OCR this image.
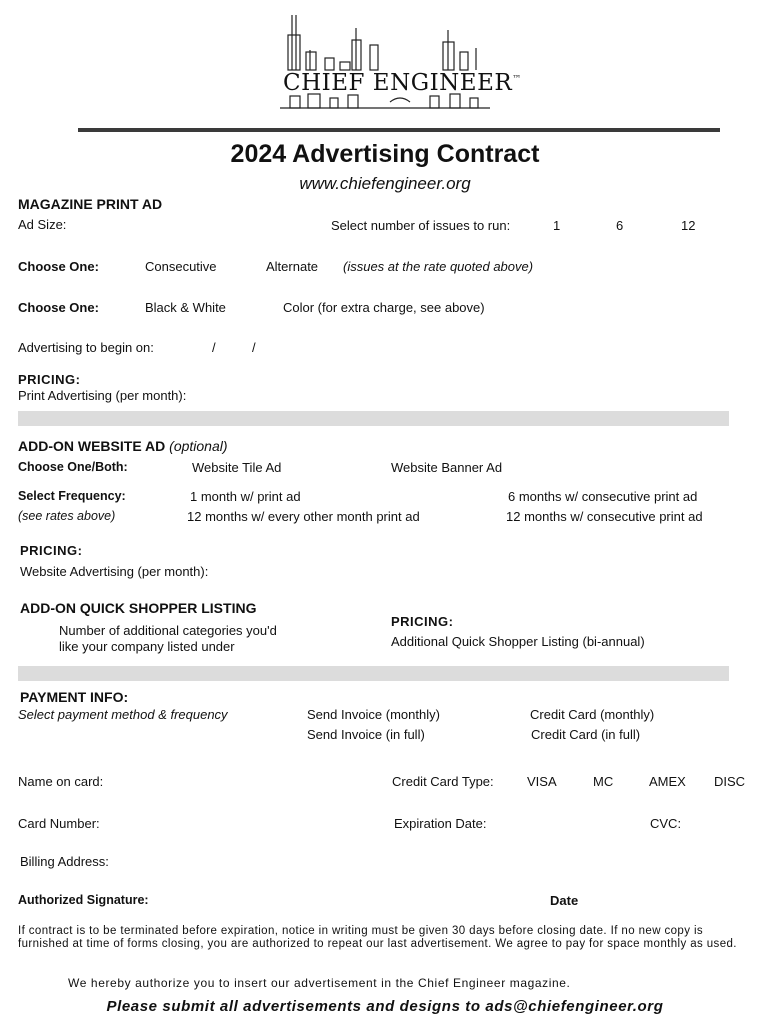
CHIEF ENGINEER™
2024 Advertising Contract
www.chiefengineer.org
MAGAZINE PRINT AD
Ad Size:	Select number of issues to run:	1	6	12
Choose One:	Consecutive	Alternate (issues at the rate quoted above)
Choose One:	Black & White	Color (for extra charge, see above)
Advertising to begin on:	/	/
PRICING:
Print Advertising (per month):
ADD-ON WEBSITE AD (optional)
Choose One/Both:	Website Tile Ad	Website Banner Ad
Select Frequency:
(see rates above)
1 month w/ print ad	6 months w/ consecutive print ad
12 months w/ every other month print ad	12 months w/ consecutive print ad
PRICING:
Website Advertising (per month):
ADD-ON QUICK SHOPPER LISTING
Number of additional categories you'd
like your company listed under
PRICING:
Additional Quick Shopper Listing (bi-annual)
PAYMENT INFO:
Select payment method & frequency	Send Invoice (monthly)	Credit Card (monthly)
Send Invoice (in full)	Credit Card (in full)
Name on card:	Credit Card Type:	VISA	MC	AMEX DISC
Card Number:	Expiration Date:	CVC:
Billing Address:
Authorized Signature:	Date
If contract is to be terminated before expiration, notice in writing must be given 30 days before closing date. If no new copy is furnished at time of forms closing, you are authorized to repeat our last advertisement. We agree to pay for space monthly as used.
We hereby authorize you to insert our advertisement in the Chief Engineer magazine.
Please submit all advertisements and designs to ads@chiefengineer.org
